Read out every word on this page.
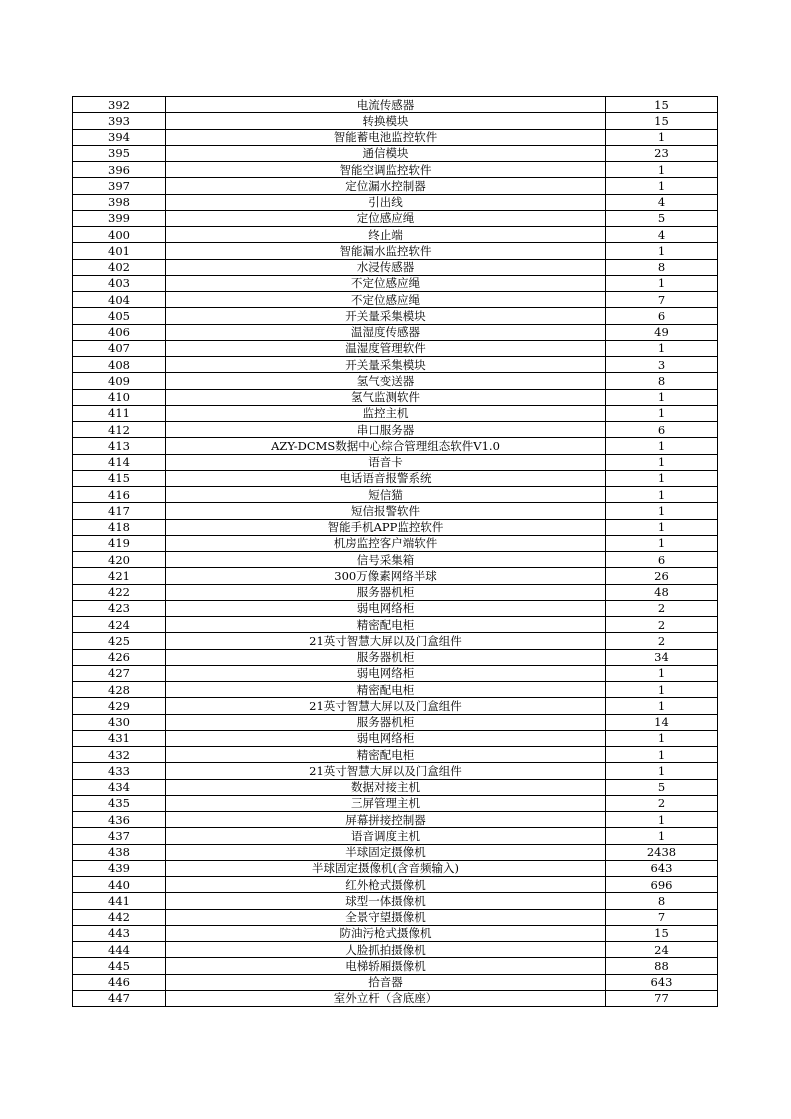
392	电流传感器	15
393	转换模块	15
394	智能蓄电池监控软件	1
395	通信模块	23
396	智能空调监控软件	1
397	定位漏水控制器	1
398	引出线	4
399	定位感应绳	5
400	终止端	4
401	智能漏水监控软件	1
402	水浸传感器	8
403	不定位感应绳	1
404	不定位感应绳	7
405	开关量采集模块	6
406	温湿度传感器	49
407	温湿度管理软件	1
408	开关量采集模块	3
409	氢气变送器	8
410	氢气监测软件	1
411	监控主机	1
412	串口服务器	6
413	AZY-DCMS数据中心综合管理组态软件V1.0	1
414	语音卡	1
415	电话语音报警系统	1
416	短信猫	1
417	短信报警软件	1
418	智能手机APP监控软件	1
419	机房监控客户端软件	1
420	信号采集箱	6
421	300万像素网络半球	26
422	服务器机柜	48
423	弱电网络柜	2
424	精密配电柜	2
425	21英寸智慧大屏以及门盒组件	2
426	服务器机柜	34
427	弱电网络柜	1
428	精密配电柜	1
429	21英寸智慧大屏以及门盒组件	1
430	服务器机柜	14
431	弱电网络柜	1
432	精密配电柜	1
433	21英寸智慧大屏以及门盒组件	1
434	数据对接主机	5
435	三屏管理主机	2
436	屏幕拼接控制器	1
437	语音调度主机	1
438	半球固定摄像机	2438
439	半球固定摄像机(含音频输入)	643
440	红外枪式摄像机	696
441	球型一体摄像机	8
442	全景守望摄像机	7
443	防油污枪式摄像机	15
444	人脸抓拍摄像机	24
445	电梯轿厢摄像机	88
446	拾音器	643
447	室外立杆（含底座）	77
